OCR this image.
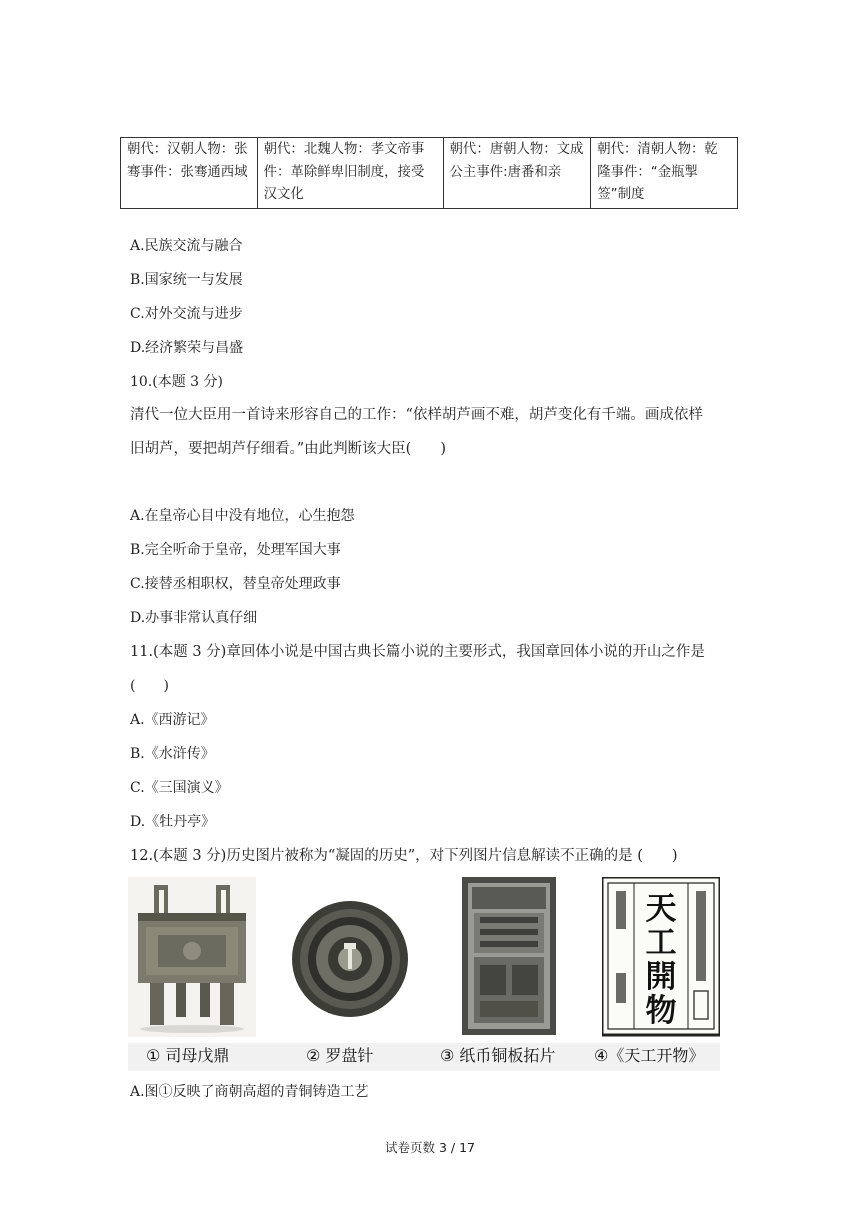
朝代：汉朝人物：张骞事件：张骞通西域	朝代：北魏人物：孝文帝事件：革除鲜卑旧制度，接受汉文化	朝代：唐朝人物：文成 公主事件:唐番和亲	朝代：清朝人物：乾隆事件：“金瓶掣签”制度
A.民族交流与融合
B.国家统一与发展
C.对外交流与进步
D.经济繁荣与昌盛
10.(本题 3 分)
清代一位大臣用一首诗来形容自己的工作：“依样胡芦画不难，胡芦变化有千端。画成依样
旧胡芦，要把胡芦仔细看。”由此判断该大臣(　　)
A.在皇帝心目中没有地位，心生抱怨
B.完全听命于皇帝，处理军国大事
C.接替丞相职权，替皇帝处理政事
D.办事非常认真仔细
11.(本题 3 分)章回体小说是中国古典长篇小说的主要形式，我国章回体小说的开山之作是
(　　)
A.《西游记》
B.《水浒传》
C.《三国演义》
D.《牡丹亭》
12.(本题 3 分)历史图片被称为“凝固的历史”，对下列图片信息解读不正确的是 (　　)
天
工
開
物
① 司母戊鼎	② 罗盘针	③ 纸币铜板拓片 ④《天工开物》
A.图①反映了商朝高超的青铜铸造工艺
试卷页数 3 / 17
